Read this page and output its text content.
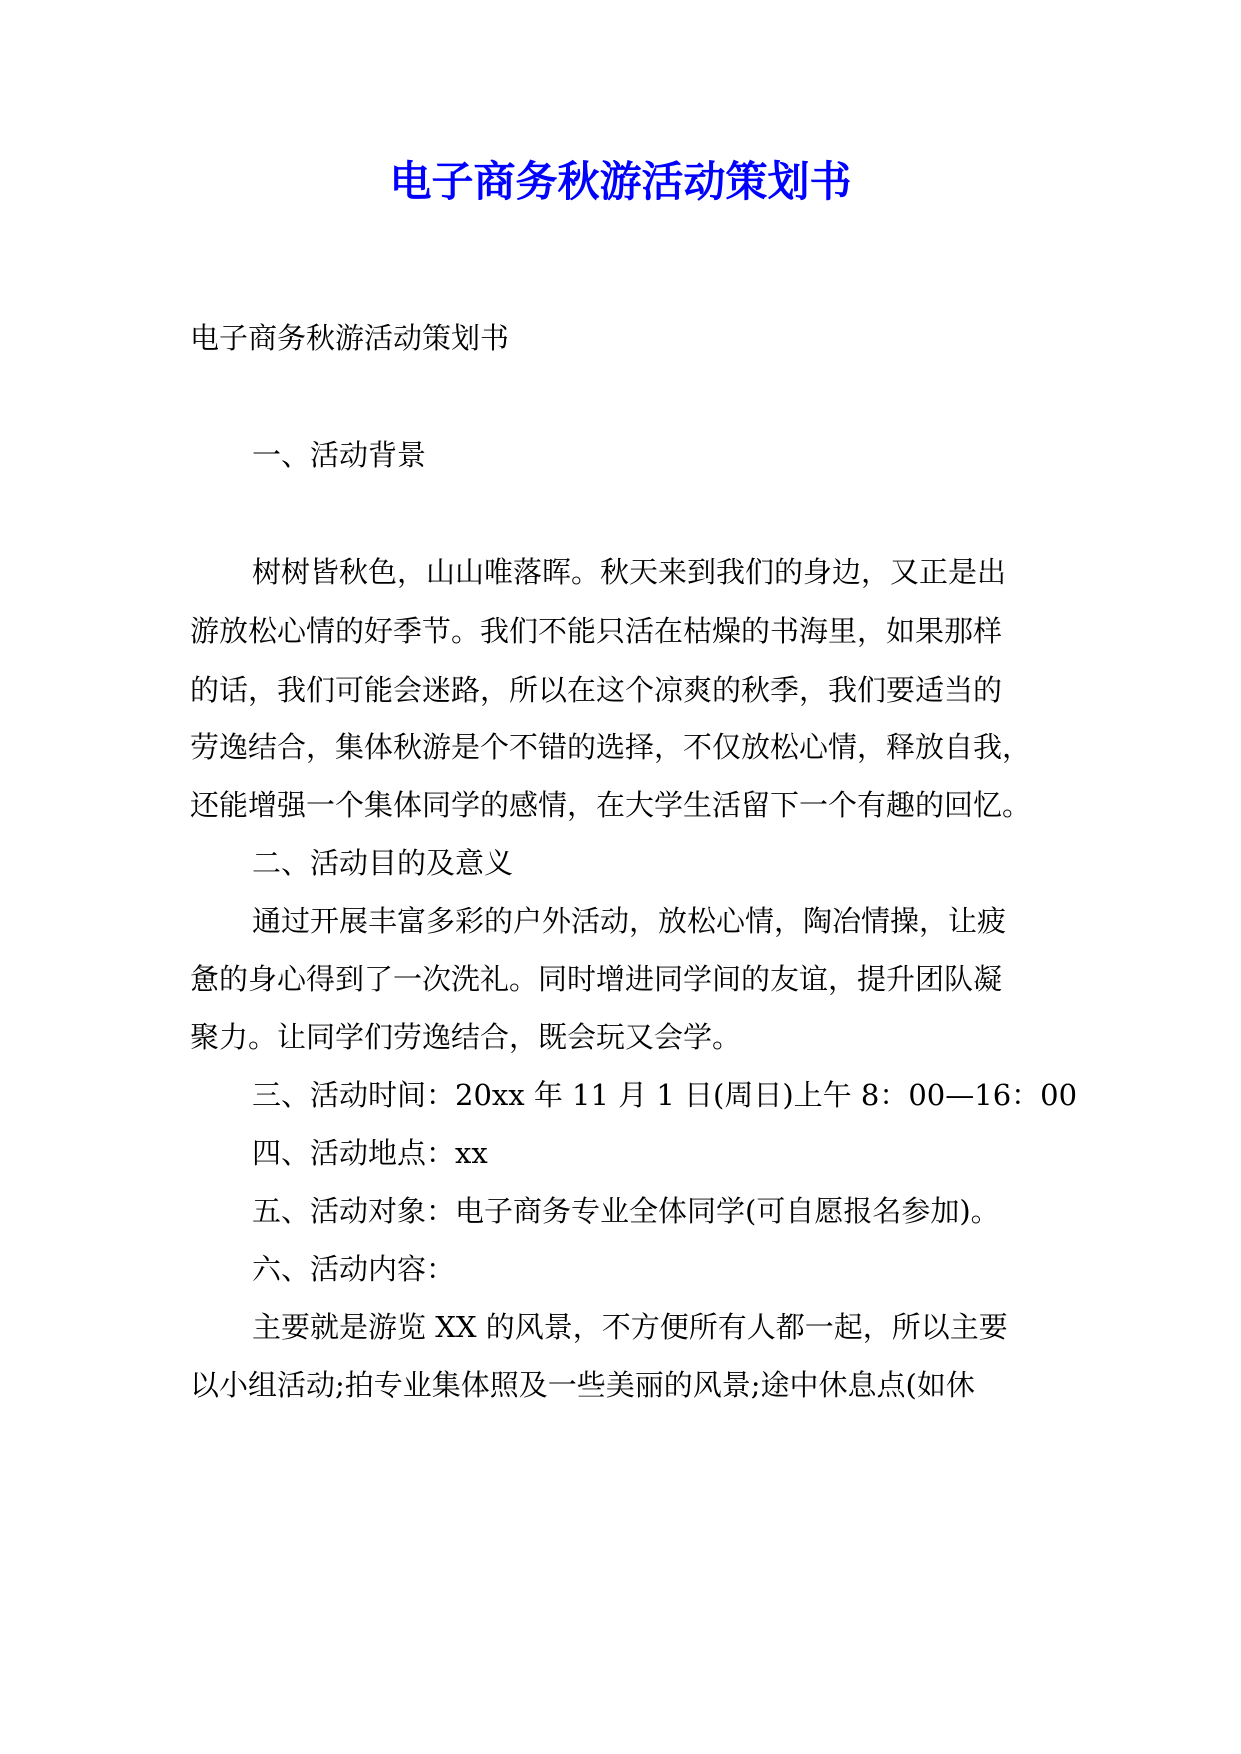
电子商务秋游活动策划书
电子商务秋游活动策划书
一、活动背景
树树皆秋色，山山唯落晖。秋天来到我们的身边，又正是出
游放松心情的好季节。我们不能只活在枯燥的书海里，如果那样
的话，我们可能会迷路，所以在这个凉爽的秋季，我们要适当的
劳逸结合，集体秋游是个不错的选择，不仅放松心情，释放自我，
还能增强一个集体同学的感情，在大学生活留下一个有趣的回忆。
二、活动目的及意义
通过开展丰富多彩的户外活动，放松心情，陶冶情操，让疲
惫的身心得到了一次洗礼。同时增进同学间的友谊，提升团队凝
聚力。让同学们劳逸结合，既会玩又会学。
三、活动时间：20xx 年 11 月 1 日(周日)上午 8：00—16：00
四、活动地点：xx
五、活动对象：电子商务专业全体同学(可自愿报名参加)。
六、活动内容：
主要就是游览 XX 的风景，不方便所有人都一起，所以主要
以小组活动;拍专业集体照及一些美丽的风景;途中休息点(如休
